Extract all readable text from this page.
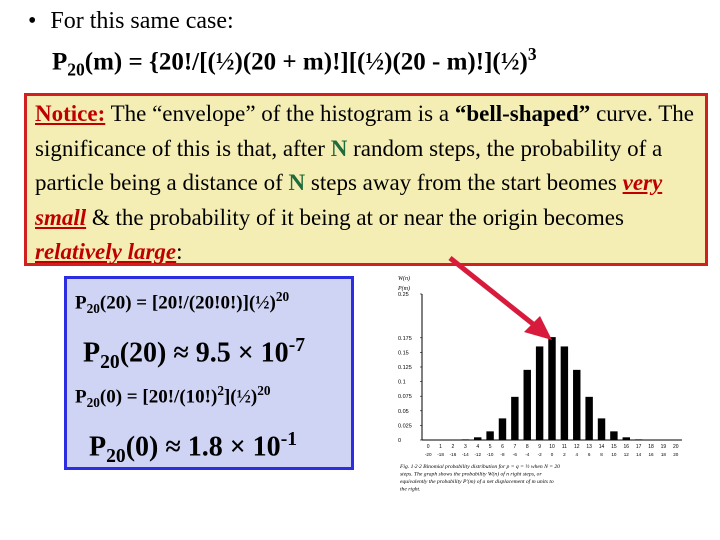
• For this same case:
$P_{20}(m)$ = {20!/[(½)(20 + m)!][(½)(20 - m)!](½)$^3$
Notice: The “envelope” of the histogram is a “bell-shaped” curve. The significance of this is that, after N random steps, the probability of a particle being a distance of N steps away from the start beomes very small & the probability of it being at or near the origin becomes relatively large:
$P_{20}(20)$ = [20!/(20!0!)](½)$^{20}$
$P_{20}(20) \approx 9.5 \times 10^{-7}$
$P_{20}(0)$ = $[20!/(10!)^2](\frac{1}{2})^{20}$
$P_{20}(0) \approx 1.8 \times 10^{-1}$
W(n)
P(m)
0.25
0.175
0.15
0.125
0.1
0.075
0.05
0.025
0
0 1 2 3 4 5 6 7 8 9 10 11 12 13 14 15 16 17 18 19 20
-20 -18 -16 -14 -12 -10 -8 -6 -4 -2 0 2 4 6 8 10 12 14 16 18 20
Fig. 1·2·2 Binomial probability distribution for p = q = ½ when N = 20
steps. The graph shows the probability W(n) of n right steps, or
equivalently the probability P'(m) of a net displacement of m units to
the right.
